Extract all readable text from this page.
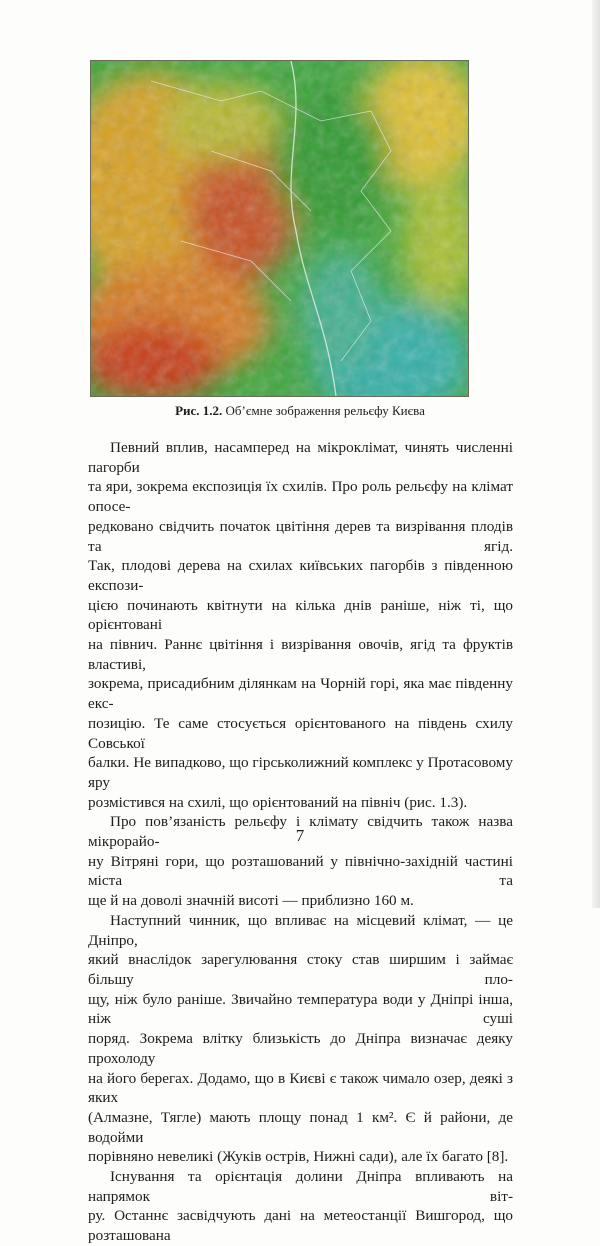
Рис. 1.2. Об’ємне зображення рельєфу Києва
Певний вплив, насамперед на мікроклімат, чинять численні пагорби
та яри, зокрема експозиція їх схилів. Про роль рельєфу на клімат опосе-
редковано свідчить початок цвітіння дерев та визрівання плодів та ягід.
Так, плодові дерева на схилах київських пагорбів з південною експози-
цією починають квітнути на кілька днів раніше, ніж ті, що орієнтовані
на півнич. Раннє цвітіння і визрівання овочів, ягід та фруктів властиві,
зокрема, присадибним ділянкам на Чорній горі, яка має південну екс-
позицію. Те саме стосується орієнтованого на південь схилу Совської
балки. Не випадково, що гірськолижний комплекс у Протасовому яру
розмістився на схилі, що орієнтований на північ (рис. 1.3).
Про пов’язаність рельєфу і клімату свідчить також назва мікрорайо-
ну Вітряні гори, що розташований у північно-західній частині міста та
ще й на доволі значній висоті — приблизно 160 м.
Наступний чинник, що впливає на місцевий клімат, — це Дніпро,
який внаслідок зарегулювання стоку став ширшим і займає більшу пло-
щу, ніж було раніше. Звичайно температура води у Дніпрі інша, ніж суші
поряд. Зокрема влітку близькість до Дніпра визначає деяку прохолоду
на його берегах. Додамо, що в Києві є також чимало озер, деякі з яких
(Алмазне, Тягле) мають площу понад 1 км². Є й райони, де водойми
порівняно невеликі (Жуків острів, Нижні сади), але їх багато [8].
Існування та орієнтація долини Дніпра впливають на напрямок віт-
ру. Останнє засвідчують дані на метеостанції Вишгород, що розташована
7
